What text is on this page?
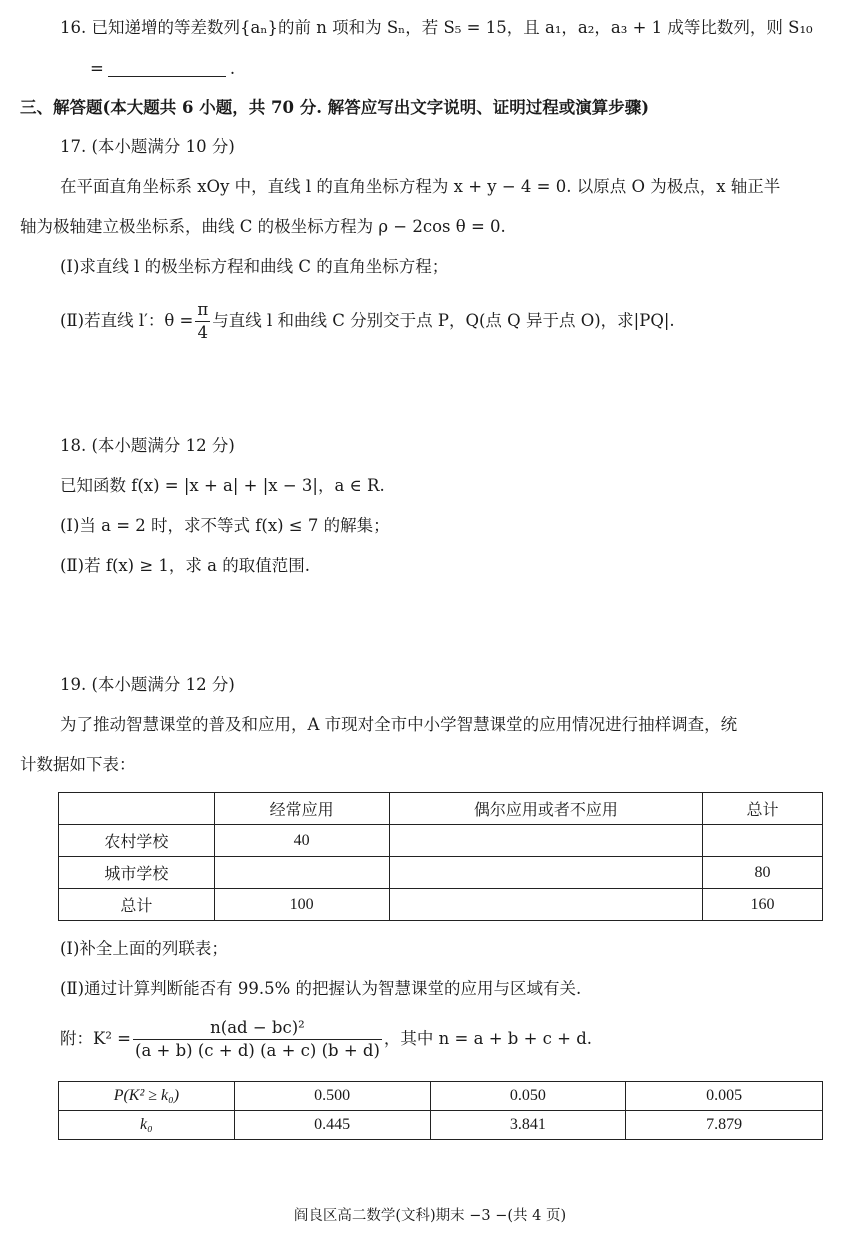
16. 已知递增的等差数列{aₙ}的前 n 项和为 Sₙ，若 S₅ = 15，且 a₁，a₂，a₃ + 1 成等比数列，则 S₁₀
=	.
三、解答题(本大题共 6 小题，共 70 分. 解答应写出文字说明、证明过程或演算步骤)
17. (本小题满分 10 分)
在平面直角坐标系 xOy 中，直线 l 的直角坐标方程为 x + y − 4 = 0. 以原点 O 为极点，x 轴正半
轴为极轴建立极坐标系，曲线 C 的极坐标方程为 ρ − 2cos θ = 0.
(Ⅰ)求直线 l 的极坐标方程和曲线 C 的直角坐标方程；
(Ⅱ)若直线 l′：$\theta = \frac{\pi}{4}$ 与直线 l 和曲线 C 分别交于点 P，Q(点 Q 异于点 O)，求|PQ|.
18. (本小题满分 12 分)
已知函数 f(x) = |x + a| + |x − 3|，a ∈ R.
(Ⅰ)当 a = 2 时，求不等式 f(x) ≤ 7 的解集；
(Ⅱ)若 f(x) ≥ 1，求 a 的取值范围.
19. (本小题满分 12 分)
为了推动智慧课堂的普及和应用，A 市现对全市中小学智慧课堂的应用情况进行抽样调查，统
计数据如下表：
	经常应用	偶尔应用或者不应用	总计
农村学校	40		
城市学校			80
总计	100		160
(Ⅰ)补全上面的列联表；
(Ⅱ)通过计算判断能否有 99.5% 的把握认为智慧课堂的应用与区域有关.
附：$K^2 = \frac{\text{n(ad − bc)²}}{(a + b) (c + d) (a + c) (b + d)}$ ，其中 n = a + b + c + d.
P(K² ≥ k₀)	0.500	0.050	0.005
k₀	0.445	3.841	7.879
阎良区高二数学(文科)期末 −3 −(共 4 页)
